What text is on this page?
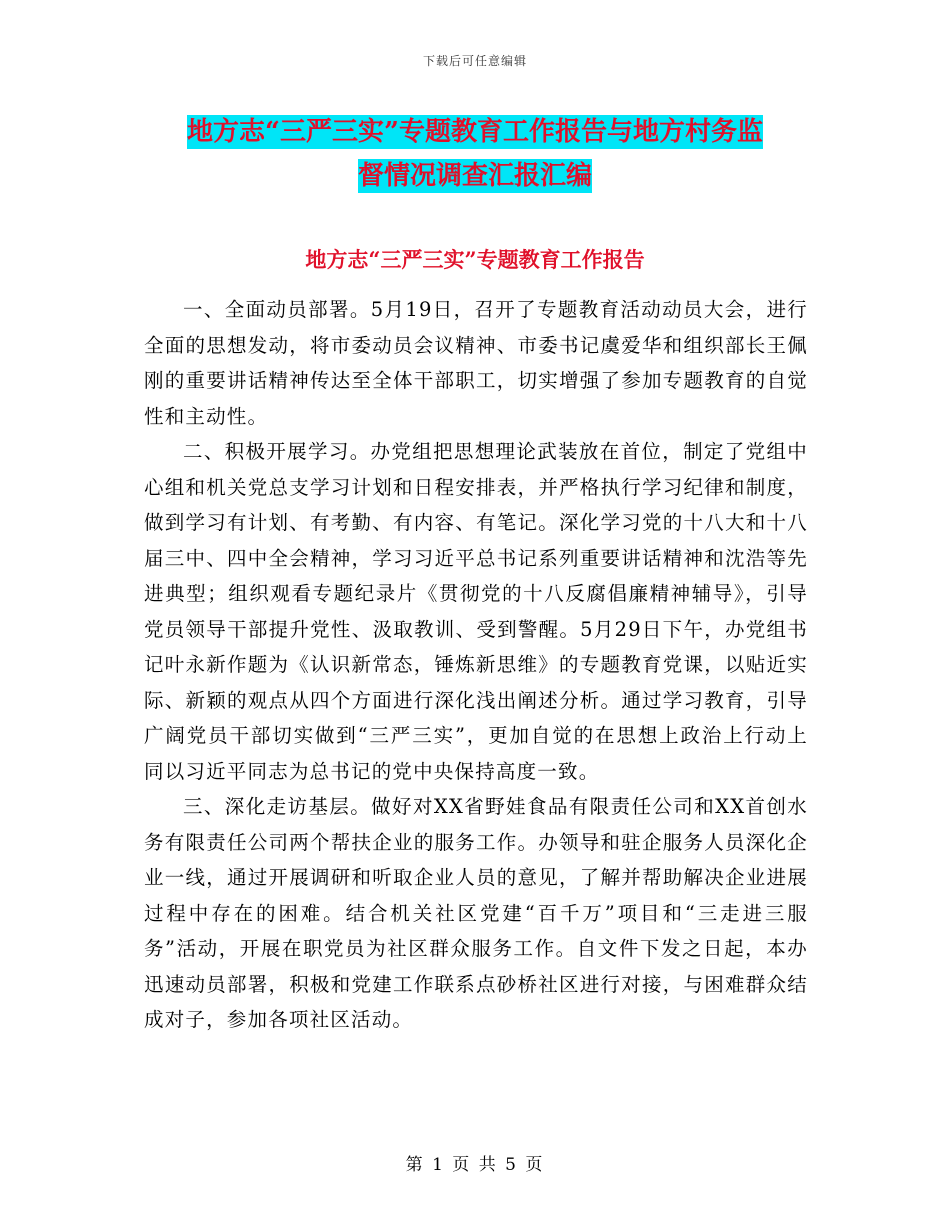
下载后可任意编辑
地方志“三严三实”专题教育工作报告与地方村务监
督情况调查汇报汇编
地方志“三严三实”专题教育工作报告

一、全面动员部署。5月19日，召开了专题教育活动动员大会，进行全面的思想发动，将市委动员会议精神、市委书记虞爱华和组织部长王佩刚的重要讲话精神传达至全体干部职工，切实增强了参加专题教育的自觉性和主动性。

二、积极开展学习。办党组把思想理论武装放在首位，制定了党组中心组和机关党总支学习计划和日程安排表，并严格执行学习纪律和制度，做到学习有计划、有考勤、有内容、有笔记。深化学习党的十八大和十八届三中、四中全会精神，学习习近平总书记系列重要讲话精神和沈浩等先进典型；组织观看专题纪录片《贯彻党的十八反腐倡廉精神辅导》，引导党员领导干部提升党性、汲取教训、受到警醒。5月29日下午，办党组书记叶永新作题为《认识新常态，锤炼新思维》的专题教育党课，以贴近实际、新颖的观点从四个方面进行深化浅出阐述分析。通过学习教育，引导广阔党员干部切实做到“三严三实”，更加自觉的在思想上政治上行动上同以习近平同志为总书记的党中央保持高度一致。

三、深化走访基层。做好对XX省野娃食品有限责任公司和XX首创水务有限责任公司两个帮扶企业的服务工作。办领导和驻企服务人员深化企业一线，通过开展调研和听取企业人员的意见，了解并帮助解决企业进展过程中存在的困难。结合机关社区党建“百千万”项目和“三走进三服务”活动，开展在职党员为社区群众服务工作。自文件下发之日起，本办迅速动员部署，积极和党建工作联系点砂桥社区进行对接，与困难群众结成对子，参加各项社区活动。

第 1 页 共 5 页
